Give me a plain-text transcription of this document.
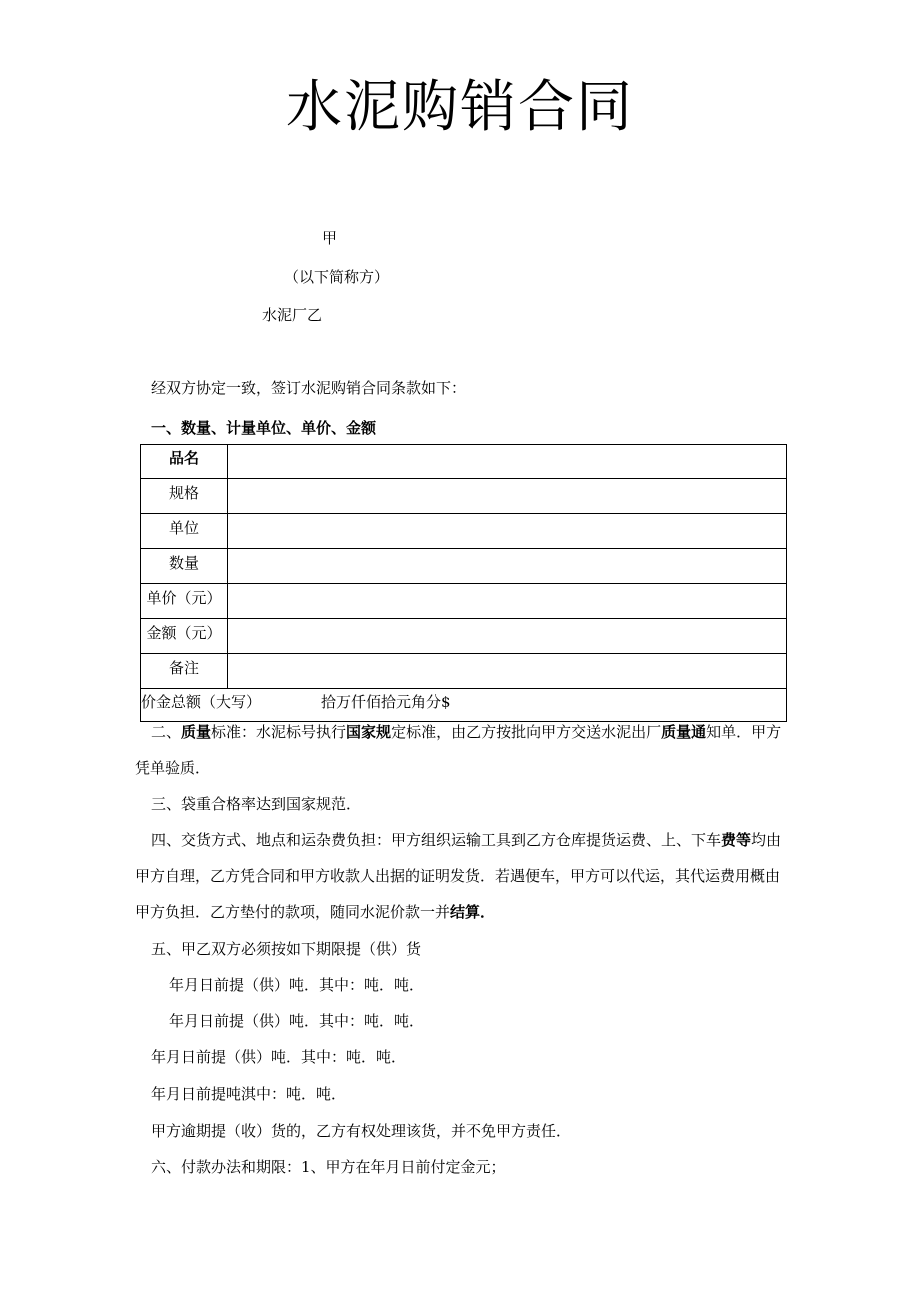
水泥购销合同
甲
（以下简称方）
水泥厂乙
经双方协定一致，签订水泥购销合同条款如下：
一、数量、计量单位、单价、金额
品名	
规格	
单位	
数量	
单价（元）	
金额（元）	
备注	

价金总额（大写） 拾万仟佰拾元角分$	
二、质量标准：水泥标号执行国家规定标准，由乙方按批向甲方交送水泥出厂质量通知单．甲方凭单验质．
三、袋重合格率达到国家规范．
四、交货方式、地点和运杂费负担：甲方组织运输工具到乙方仓库提货运费、上、下车费等均由甲方自理，乙方凭合同和甲方收款人出据的证明发货．若遇便车，甲方可以代运，其代运费用概由甲方负担．乙方垫付的款项，随同水泥价款一并结算．
五、甲乙双方必须按如下期限提（供）货
年月日前提（供）吨．其中：吨．吨．
年月日前提（供）吨．其中：吨．吨．
年月日前提（供）吨．其中：吨．吨．
年月日前提吨淇中：吨．吨．
甲方逾期提（收）货的，乙方有权处理该货，并不免甲方责任．
六、付款办法和期限：1、甲方在年月日前付定金元；
